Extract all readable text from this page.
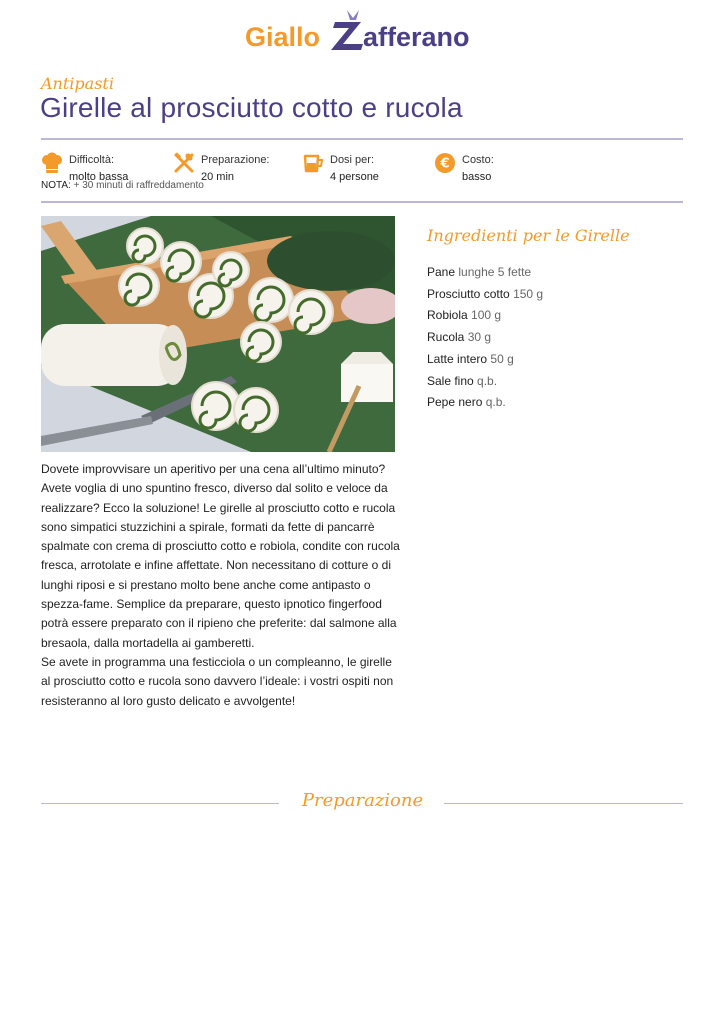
Giallo afferano
Antipasti
Girelle al prosciutto cotto e rucola
Difficoltà:
molto bassa
Preparazione:
20 min
Dosi per:
4 persone
€ Costo:
basso
NOTA: + 30 minuti di raffreddamento
Ingredienti per le Girelle
Pane lunghe 5 fette
Prosciutto cotto 150 g
Robiola 100 g
Rucola 30 g
Latte intero 50 g
Sale fino q.b.
Pepe nero q.b.

Dovete improvvisare un aperitivo per una cena all’ultimo minuto? Avete voglia di uno spuntino fresco, diverso dal solito e veloce da realizzare? Ecco la soluzione! Le girelle al prosciutto cotto e rucola sono simpatici stuzzichini a spirale, formati da fette di pancarrè spalmate con crema di prosciutto cotto e robiola, condite con rucola fresca, arrotolate e infine affettate. Non necessitano di cotture o di lunghi riposi e si prestano molto bene anche come antipasto o spezza-fame. Semplice da preparare, questo ipnotico fingerfood potrà essere preparato con il ripieno che preferite: dal salmone alla bresaola, dalla mortadella ai gamberetti.

Se avete in programma una festicciola o un compleanno, le girelle al prosciutto cotto e rucola sono davvero l’ideale: i vostri ospiti non resisteranno al loro gusto delicato e avvolgente!

Preparazione
